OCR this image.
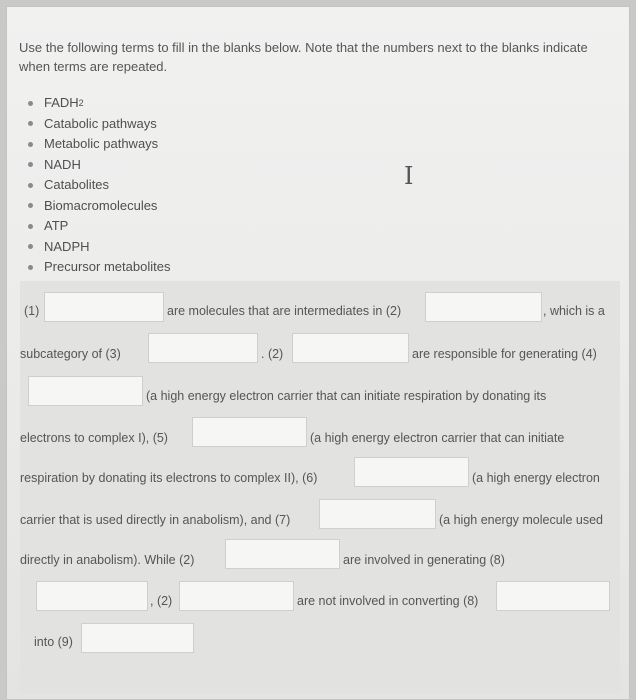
Use the following terms to fill in the blanks below. Note that the numbers next to the blanks indicate when terms are repeated.
FADH 2
Catabolic pathways
Metabolic pathways
NADH
Catabolites
Biomacromolecules
ATP
NADPH
Precursor metabolites
I
(1)	are molecules that are intermediates in (2)	, which is a
subcategory of (3)	. (2)	are responsible for generating (4)
(a high energy electron carrier that can initiate respiration by donating its
electrons to complex I), (5)	(a high energy electron carrier that can initiate
respiration by donating its electrons to complex II), (6)	(a high energy electron
carrier that is used directly in anabolism), and (7)	(a high energy molecule used
directly in anabolism). While (2)	are involved in generating (8)
, (2)	are not involved in converting (8)
into (9)
